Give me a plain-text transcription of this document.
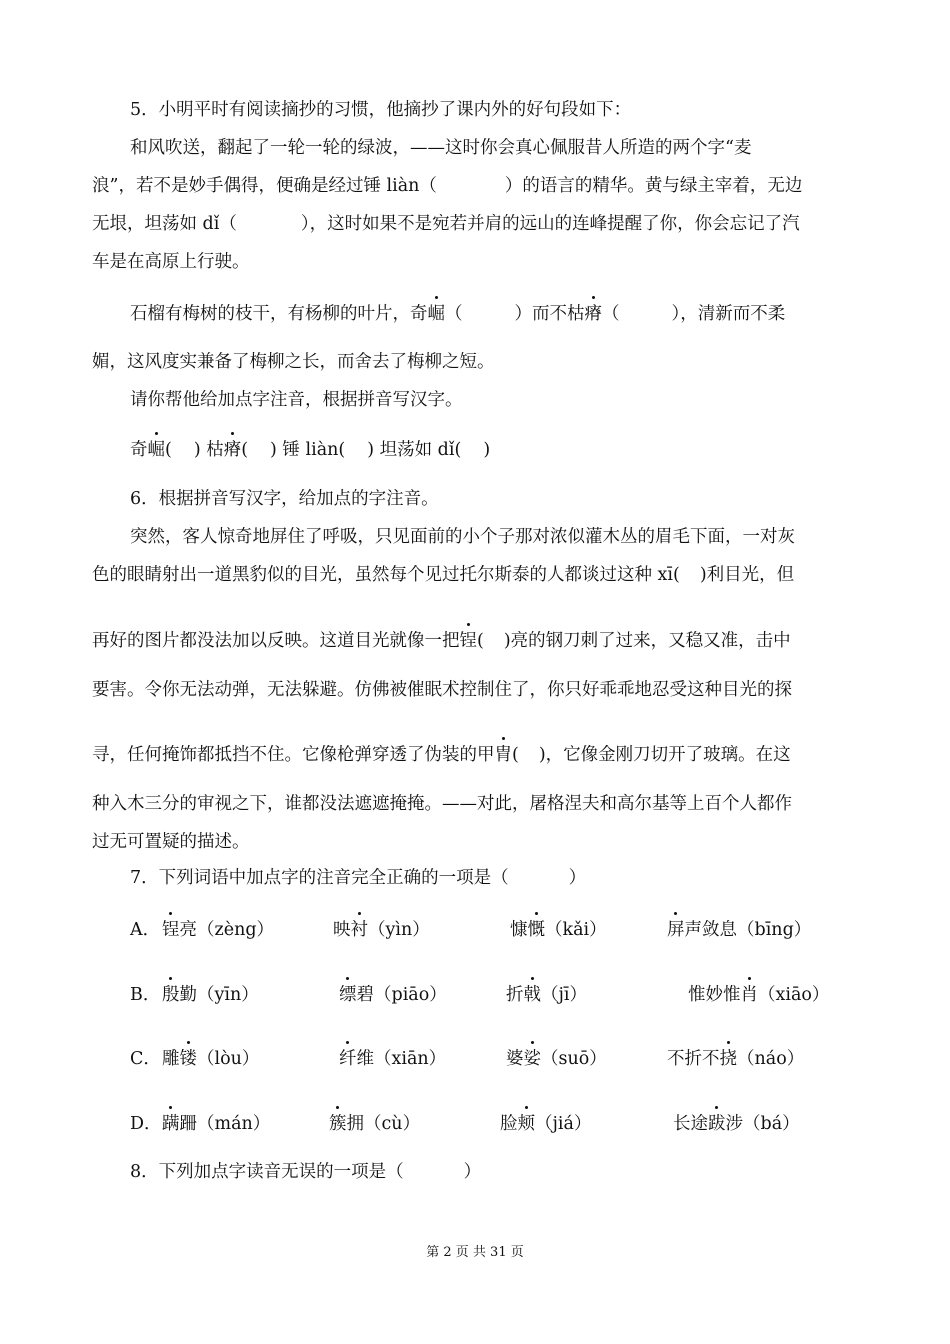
5．小明平时有阅读摘抄的习惯，他摘抄了课内外的好句段如下：
和风吹送，翻起了一轮一轮的绿波，——这时你会真心佩服昔人所造的两个字“麦
浪”，若不是妙手偶得，便确是经过锤 liàn（	）的语言的精华。黄与绿主宰着，无边
无垠，坦荡如 dǐ（	），这时如果不是宛若并肩的远山的连峰提醒了你，你会忘记了汽
车是在高原上行驶。
石榴有梅树的枝干，有杨柳的叶片，奇崛（	）而不枯瘠（	），清新而不柔
媚，这风度实兼备了梅柳之长，而舍去了梅柳之短。
请你帮他给加点字注音，根据拼音写汉字。
奇崛( ) 枯瘠( ) 锤 liàn( ) 坦荡如 dǐ( )
6．根据拼音写汉字，给加点的字注音。
突然，客人惊奇地屏住了呼吸，只见面前的小个子那对浓似灌木丛的眉毛下面，一对灰
色的眼睛射出一道黑豹似的目光，虽然每个见过托尔斯泰的人都谈过这种 xī( )利目光，但
再好的图片都没法加以反映。这道目光就像一把锃( )亮的钢刀刺了过来，又稳又准，击中
要害。令你无法动弹，无法躲避。仿佛被催眠术控制住了，你只好乖乖地忍受这种目光的探
寻，任何掩饰都抵挡不住。它像枪弹穿透了伪装的甲胄( )，它像金刚刀切开了玻璃。在这
种入木三分的审视之下，谁都没法遮遮掩掩。——对此，屠格涅夫和高尔基等上百个人都作
过无可置疑的描述。
7．下列词语中加点字的注音完全正确的一项是（	）
A． 锃亮（zèng）	映衬（yìn）	慷慨（kǎi）	屏声敛息（bīng）
B． 殷勤（yīn）	缥碧（piāo）	折戟（jī）	惟妙惟肖（xiāo）
C． 雕镂（lòu）	纤维（xiān）	婆娑（suō）	不折不挠（náo）
D． 蹒跚（mán）	簇拥（cù）	脸颊（jiá）	长途跋涉（bá）
8．下列加点字读音无误的一项是（	）
第 2 页 共 31 页
